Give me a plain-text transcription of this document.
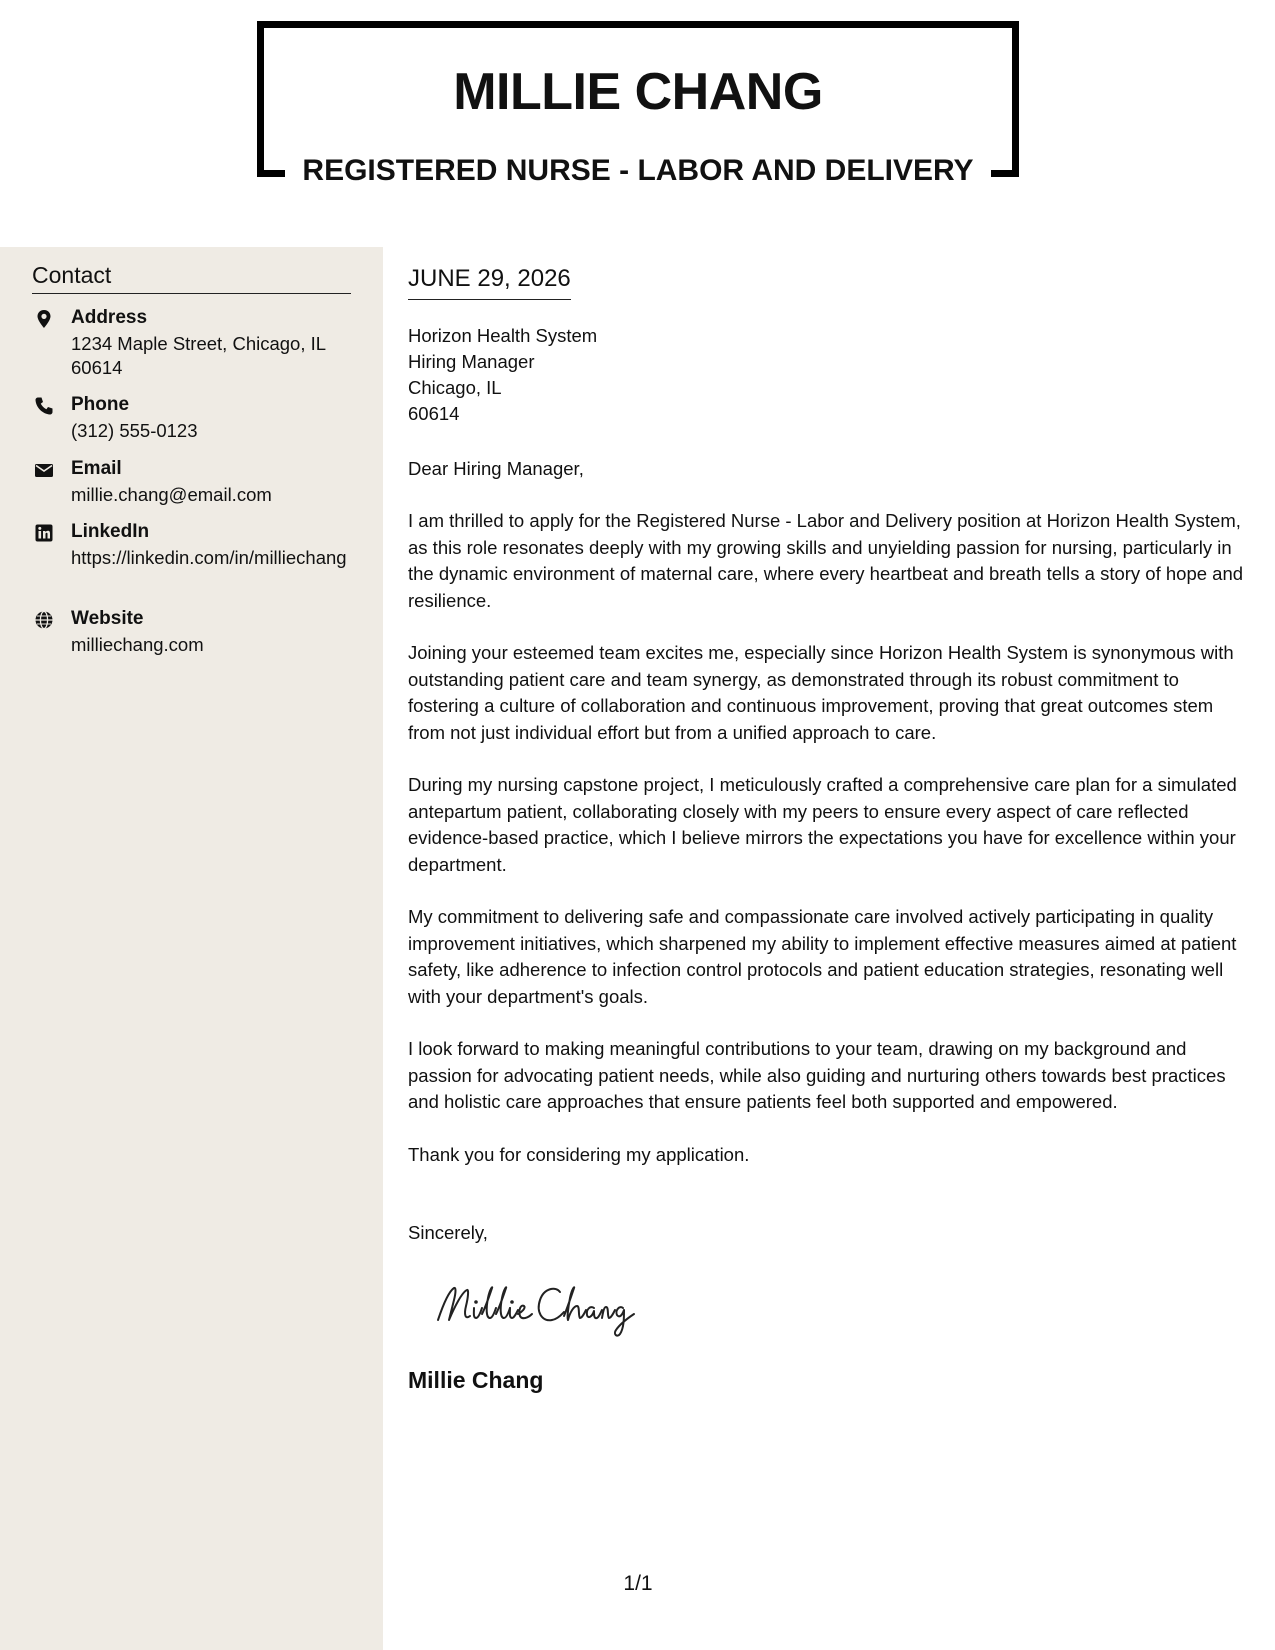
MILLIE CHANG
REGISTERED NURSE - LABOR AND DELIVERY
Contact
Address
1234 Maple Street, Chicago, IL 60614
Phone
(312) 555-0123
Email
millie.chang@email.com
LinkedIn
https://linkedin.com/in/milliechang
Website
milliechang.com
JUNE 29, 2026
Horizon Health System
Hiring Manager
Chicago, IL
60614
Dear Hiring Manager,

I am thrilled to apply for the Registered Nurse - Labor and Delivery position at Horizon Health System, as this role resonates deeply with my growing skills and unyielding passion for nursing, particularly in the dynamic environment of maternal care, where every heartbeat and breath tells a story of hope and resilience.

Joining your esteemed team excites me, especially since Horizon Health System is synonymous with outstanding patient care and team synergy, as demonstrated through its robust commitment to fostering a culture of collaboration and continuous improvement, proving that great outcomes stem from not just individual effort but from a unified approach to care.

During my nursing capstone project, I meticulously crafted a comprehensive care plan for a simulated antepartum patient, collaborating closely with my peers to ensure every aspect of care reflected evidence-based practice, which I believe mirrors the expectations you have for excellence within your department.

My commitment to delivering safe and compassionate care involved actively participating in quality improvement initiatives, which sharpened my ability to implement effective measures aimed at patient safety, like adherence to infection control protocols and patient education strategies, resonating well with your department's goals.

I look forward to making meaningful contributions to your team, drawing on my background and passion for advocating patient needs, while also guiding and nurturing others towards best practices and holistic care approaches that ensure patients feel both supported and empowered.

Thank you for considering my application.

Sincerely,
Millie Chang
1/1
